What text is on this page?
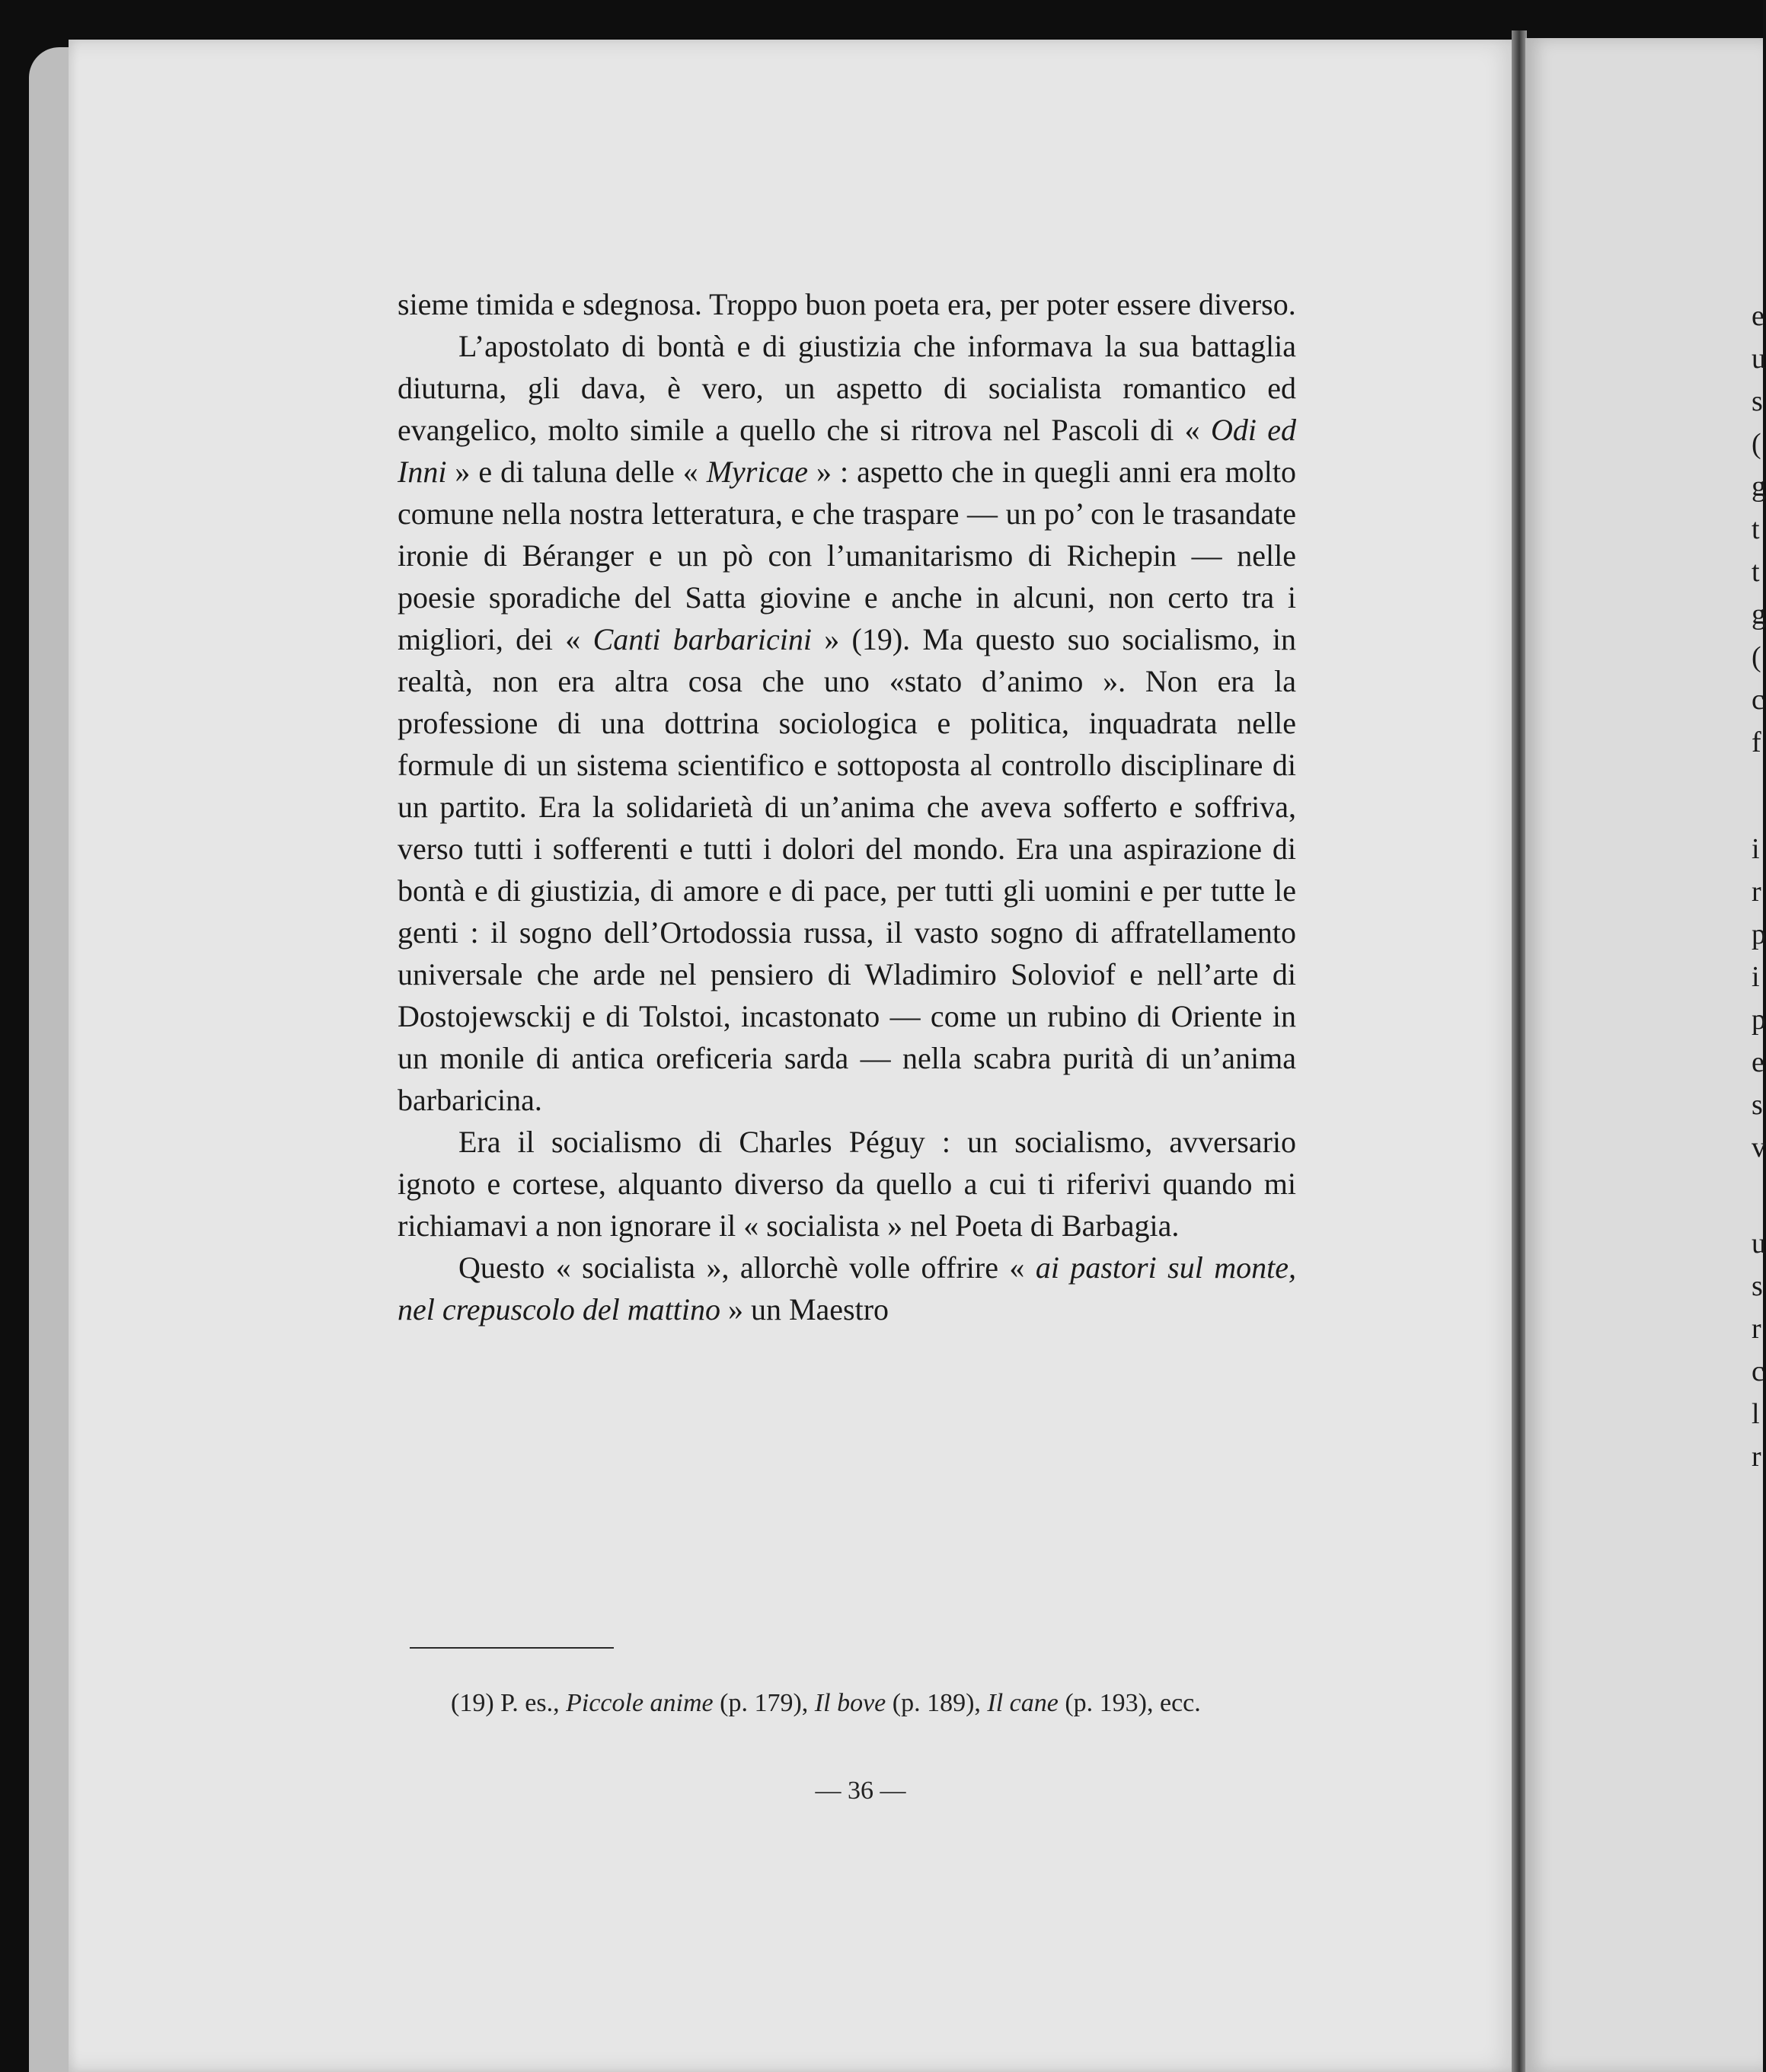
sieme timida e sdegnosa. Troppo buon poeta era, per poter essere diverso.

L’apostolato di bontà e di giustizia che informava la sua battaglia diuturna, gli dava, è vero, un aspetto di socialista romantico ed evangelico, molto simile a quello che si ritrova nel Pascoli di « Odi ed Inni » e di taluna delle « Myricae » : aspetto che in quegli anni era molto comune nella nostra letteratura, e che traspare — un po’ con le trasandate ironie di Béranger e un pò con l’umanitarismo di Richepin — nelle poesie sporadiche del Satta giovine e anche in alcuni, non certo tra i migliori, dei « Canti barbaricini » (19). Ma questo suo socialismo, in realtà, non era altra cosa che uno «stato d’animo ». Non era la professione di una dottrina sociologica e politica, inquadrata nelle formule di un sistema scientifico e sottoposta al controllo disciplinare di un partito. Era la solidarietà di un’anima che aveva sofferto e soffriva, verso tutti i sofferenti e tutti i dolori del mondo. Era una aspirazione di bontà e di giustizia, di amore e di pace, per tutti gli uomini e per tutte le genti : il sogno dell’Ortodossia russa, il vasto sogno di affratellamento universale che arde nel pensiero di Wladimiro Soloviof e nell’arte di Dostojewsckij e di Tolstoi, incastonato — come un rubino di Oriente in un monile di antica oreficeria sarda — nella scabra purità di un’anima barbaricina.

Era il socialismo di Charles Péguy : un socialismo, avversario ignoto e cortese, alquanto diverso da quello a cui ti riferivi quando mi richiamavi a non ignorare il « socialista » nel Poeta di Barbagia.

Questo « socialista », allorchè volle offrire « ai pastori sul monte, nel crepuscolo del mattino » un Maestro

(19) P. es., Piccole anime (p. 179), Il bove (p. 189), Il cane (p. 193), ecc.
— 36 —
e
u
s
(
g
t
t
g
(
c
f
i
r
p
i
p
e
s
v
u
s
r
c
l
r
